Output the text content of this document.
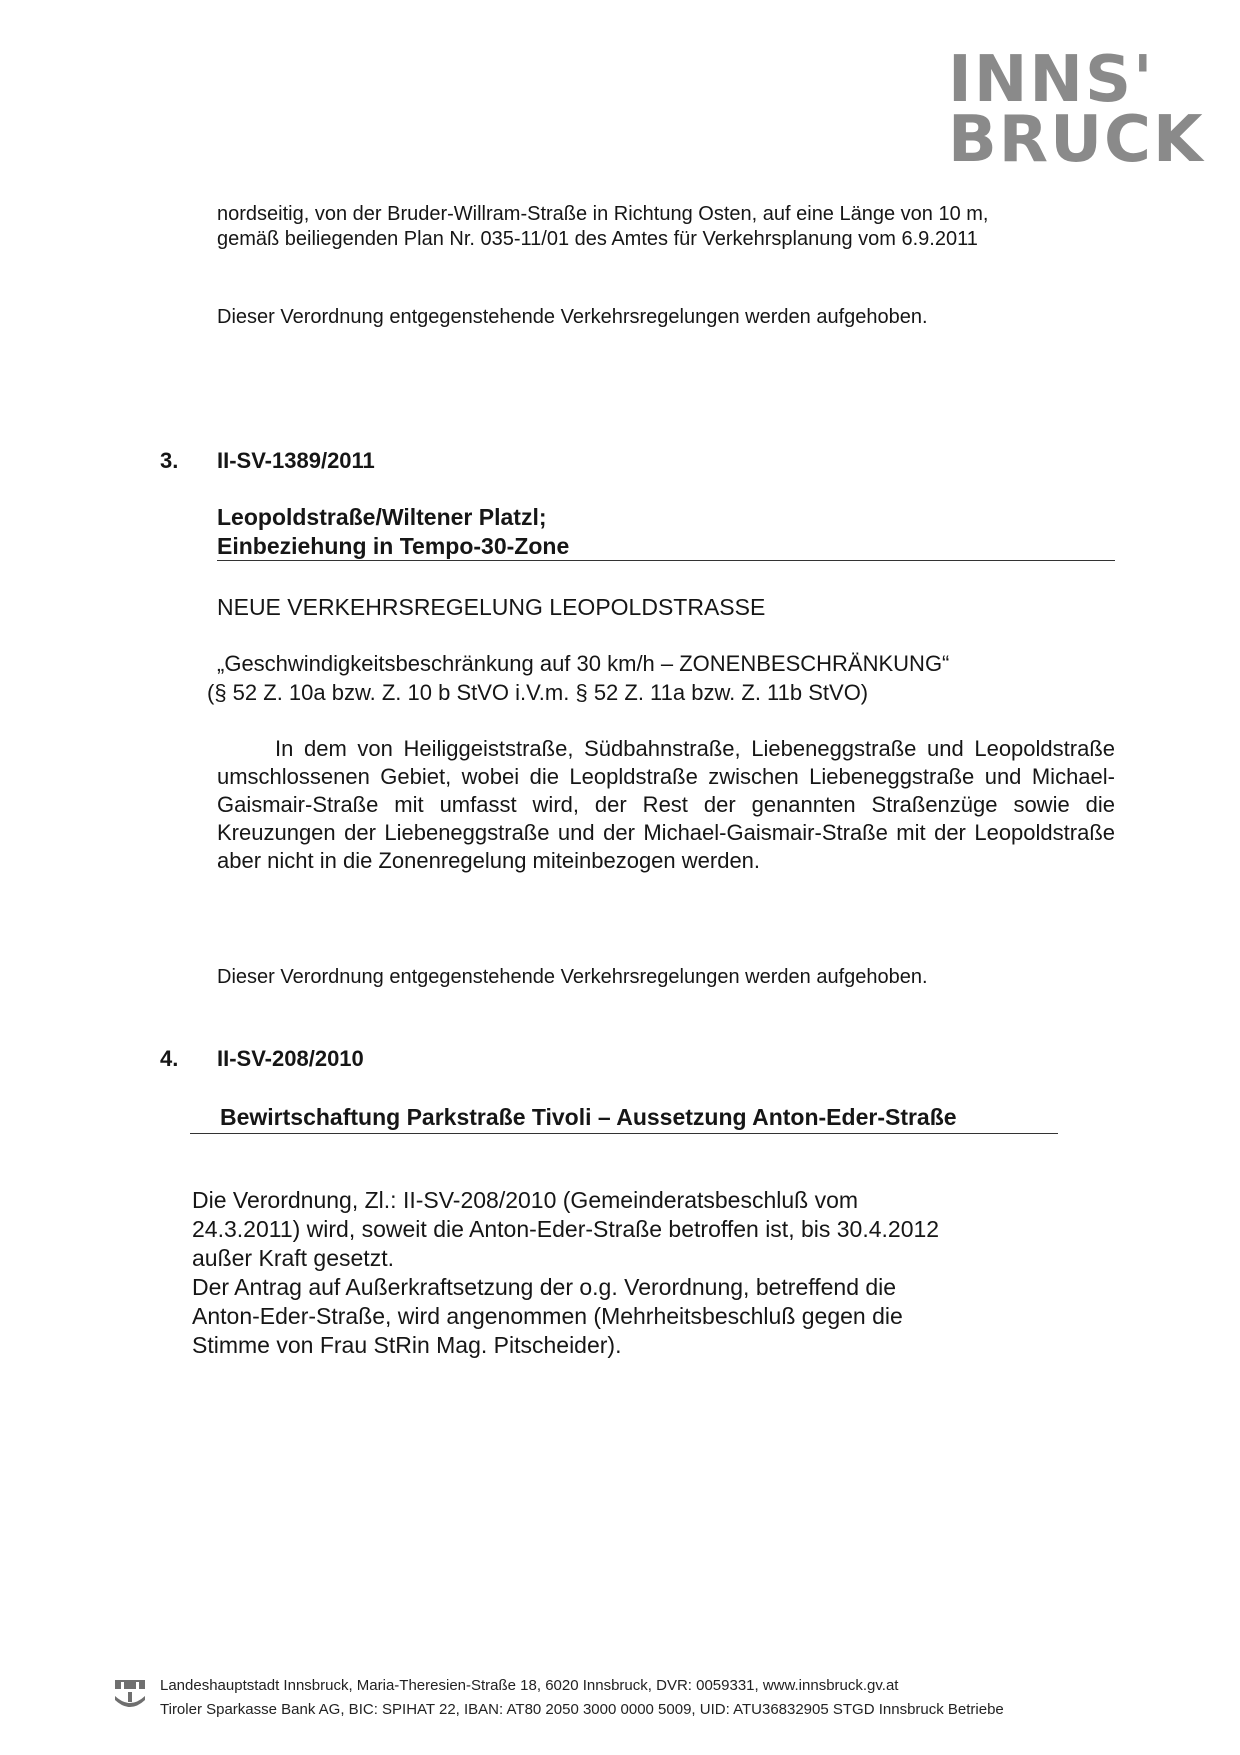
INNS'
BRUCK
nordseitig, von der Bruder-Willram-Straße in Richtung Osten, auf eine Länge von 10 m, gemäß beiliegenden Plan Nr. 035-11/01 des Amtes für Verkehrsplanung vom 6.9.2011
Dieser Verordnung entgegenstehende Verkehrsregelungen werden aufgehoben.
3. II-SV-1389/2011
Leopoldstraße/Wiltener Platzl;
Einbeziehung in Tempo-30-Zone
NEUE VERKEHRSREGELUNG LEOPOLDSTRASSE
„Geschwindigkeitsbeschränkung auf 30 km/h – ZONENBESCHRÄNKUNG“
(§ 52 Z. 10a bzw. Z. 10 b StVO i.V.m. § 52 Z. 11a bzw. Z. 11b StVO)

In dem von Heiliggeiststraße, Südbahnstraße, Liebeneggstraße und Leopoldstraße umschlossenen Gebiet, wobei die Leopldstraße zwischen Liebeneggstraße und Michael-Gaismair-Straße mit umfasst wird, der Rest der genannten Straßenzüge sowie die Kreuzungen der Liebeneggstraße und der Michael-Gaismair-Straße mit der Leopoldstraße aber nicht in die Zonenregelung miteinbezogen werden.

Dieser Verordnung entgegenstehende Verkehrsregelungen werden aufgehoben.
4. II-SV-208/2010
Bewirtschaftung Parkstraße Tivoli – Aussetzung Anton-Eder-Straße
Die Verordnung, Zl.: II-SV-208/2010 (Gemeinderatsbeschluß vom
24.3.2011) wird, soweit die Anton-Eder-Straße betroffen ist, bis 30.4.2012
außer Kraft gesetzt.
Der Antrag auf Außerkraftsetzung der o.g. Verordnung, betreffend die
Anton-Eder-Straße, wird angenommen (Mehrheitsbeschluß gegen die
Stimme von Frau StRin Mag. Pitscheider).
Landeshauptstadt Innsbruck, Maria-Theresien-Straße 18, 6020 Innsbruck, DVR: 0059331, www.innsbruck.gv.at
Tiroler Sparkasse Bank AG, BIC: SPIHAT 22, IBAN: AT80 2050 3000 0000 5009, UID: ATU36832905 STGD Innsbruck Betriebe
